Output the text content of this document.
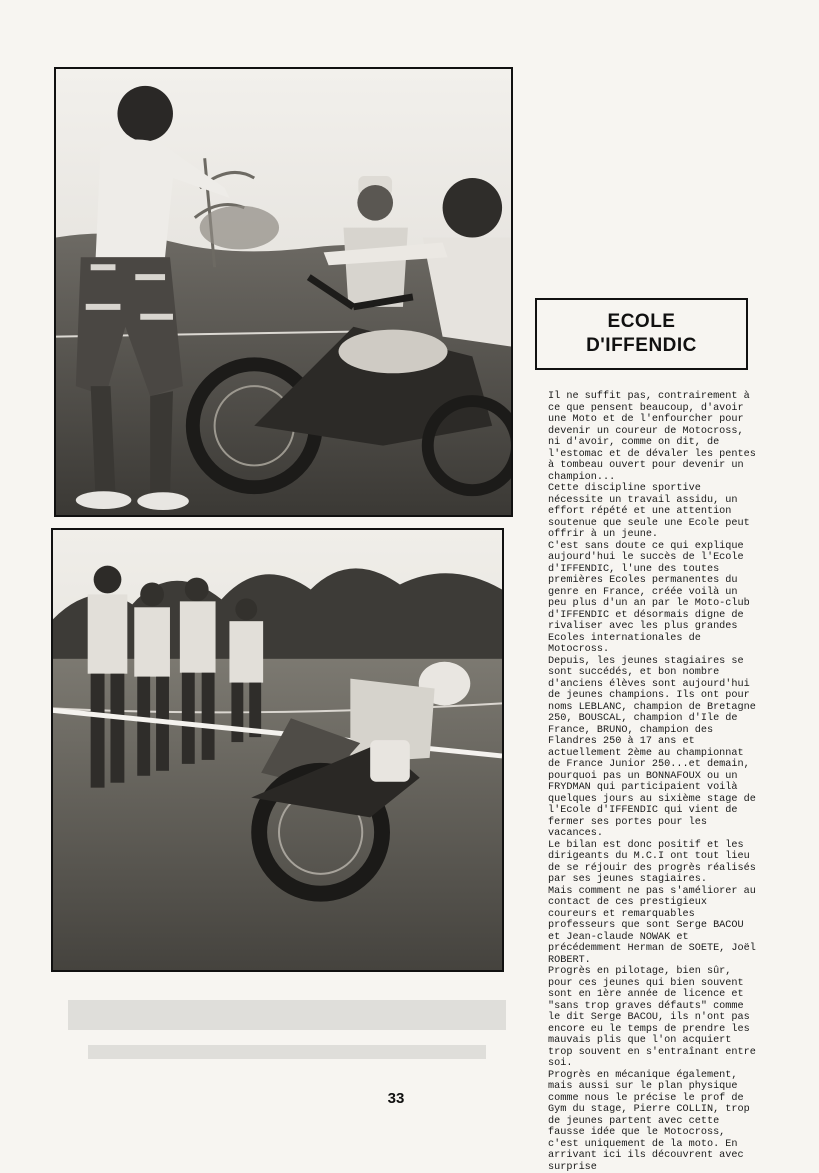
ECOLE
D'IFFENDIC

Il ne suffit pas, contrairement à ce que pensent beaucoup, d'avoir une Moto et de l'enfourcher pour devenir un coureur de Motocross, ni d'avoir, comme on dit, de l'estomac et de dévaler les pentes à tombeau ouvert pour devenir un champion...

Cette discipline sportive nécessite un travail assidu, un effort répété et une attention soutenue que seule une Ecole peut offrir à un jeune.

C'est sans doute ce qui explique aujourd'hui le succès de l'Ecole d'IFFENDIC, l'une des toutes premières Ecoles permanentes du genre en France, créée voilà un peu plus d'un an par le Moto-club d'IFFENDIC et désormais digne de rivaliser avec les plus grandes Ecoles internationales de Motocross.

Depuis, les jeunes stagiaires se sont succédés, et bon nombre d'anciens élèves sont aujourd'hui de jeunes champions. Ils ont pour noms LEBLANC, champion de Bretagne 250, BOUSCAL, champion d'Ile de France, BRUNO, champion des Flandres 250 à 17 ans et actuellement 2ème au championnat de France Junior 250...et demain, pourquoi pas un BONNAFOUX ou un FRYDMAN qui participaient voilà quelques jours au sixième stage de l'Ecole d'IFFENDIC qui vient de fermer ses portes pour les vacances.

Le bilan est donc positif et les dirigeants du M.C.I ont tout lieu de se réjouir des progrès réalisés par ses jeunes stagiaires.

Mais comment ne pas s'améliorer au contact de ces prestigieux coureurs et remarquables professeurs que sont Serge BACOU et Jean-claude NOWAK et précédemment Herman de SOETE, Joël ROBERT.

Progrès en pilotage, bien sûr, pour ces jeunes qui bien souvent sont en 1ère année de licence et "sans trop graves défauts" comme le dit Serge BACOU, ils n'ont pas encore eu le temps de prendre les mauvais plis que l'on acquiert trop souvent en s'entraînant entre soi.

Progrès en mécanique également, mais aussi sur le plan physique comme nous le précise le prof de Gym du stage, Pierre COLLIN, trop de jeunes partent avec cette fausse idée que le Motocross, c'est uniquement de la moto. En arrivant ici ils découvrent avec surprise

33
